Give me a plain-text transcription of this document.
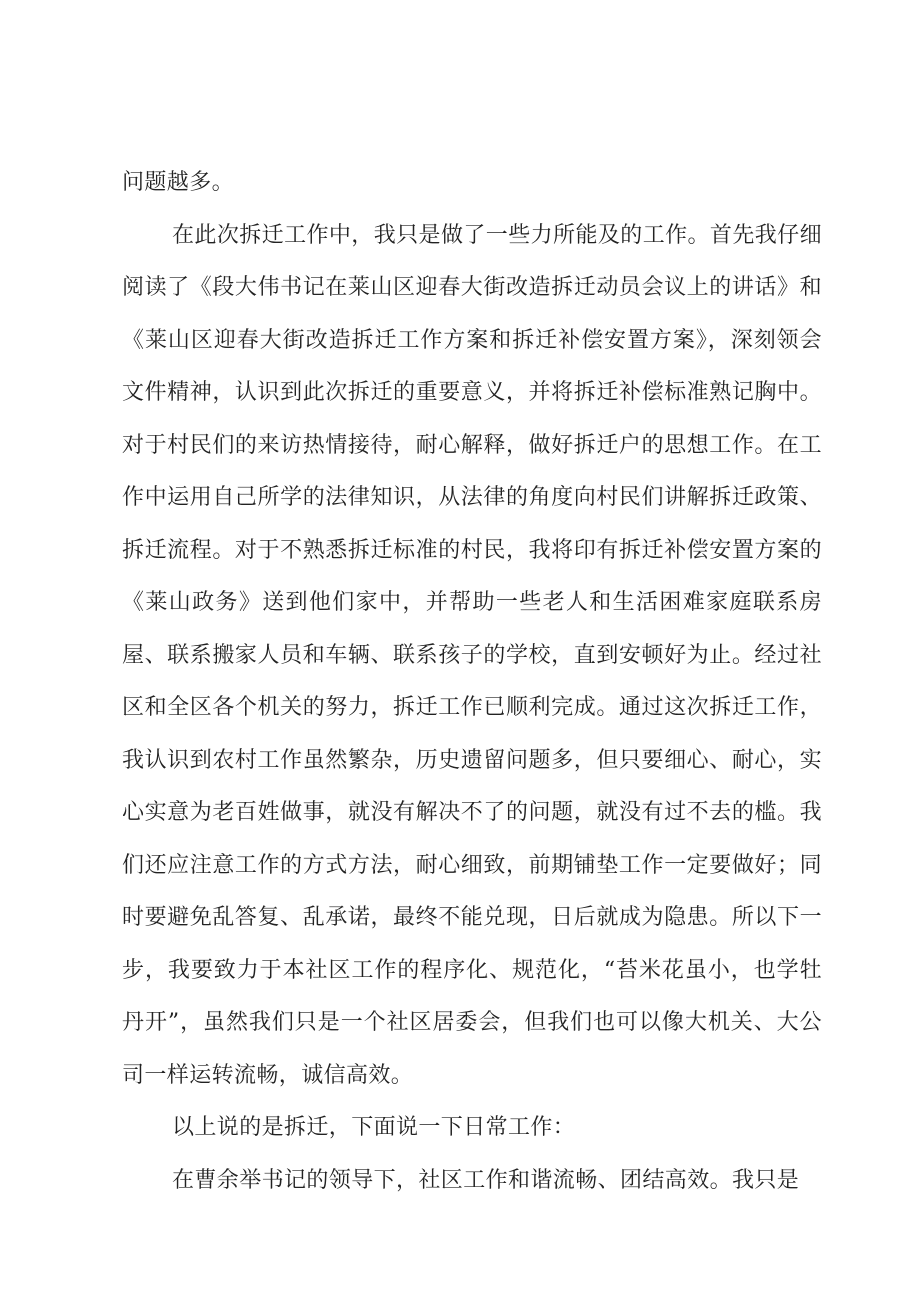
问题越多。

在此次拆迁工作中，我只是做了一些力所能及的工作。首先我仔细阅读了《段大伟书记在莱山区迎春大街改造拆迁动员会议上的讲话》和《莱山区迎春大街改造拆迁工作方案和拆迁补偿安置方案》，深刻领会文件精神，认识到此次拆迁的重要意义，并将拆迁补偿标准熟记胸中。对于村民们的来访热情接待，耐心解释，做好拆迁户的思想工作。在工作中运用自己所学的法律知识，从法律的角度向村民们讲解拆迁政策、拆迁流程。对于不熟悉拆迁标准的村民，我将印有拆迁补偿安置方案的《莱山政务》送到他们家中，并帮助一些老人和生活困难家庭联系房屋、联系搬家人员和车辆、联系孩子的学校，直到安顿好为止。经过社区和全区各个机关的努力，拆迁工作已顺利完成。通过这次拆迁工作，我认识到农村工作虽然繁杂，历史遗留问题多，但只要细心、耐心，实心实意为老百姓做事，就没有解决不了的问题，就没有过不去的槛。我们还应注意工作的方式方法，耐心细致，前期铺垫工作一定要做好；同时要避免乱答复、乱承诺，最终不能兑现，日后就成为隐患。所以下一步，我要致力于本社区工作的程序化、规范化，“苔米花虽小，也学牡丹开”，虽然我们只是一个社区居委会，但我们也可以像大机关、大公司一样运转流畅，诚信高效。

以上说的是拆迁，下面说一下日常工作：

在曹余举书记的领导下，社区工作和谐流畅、团结高效。我只是
